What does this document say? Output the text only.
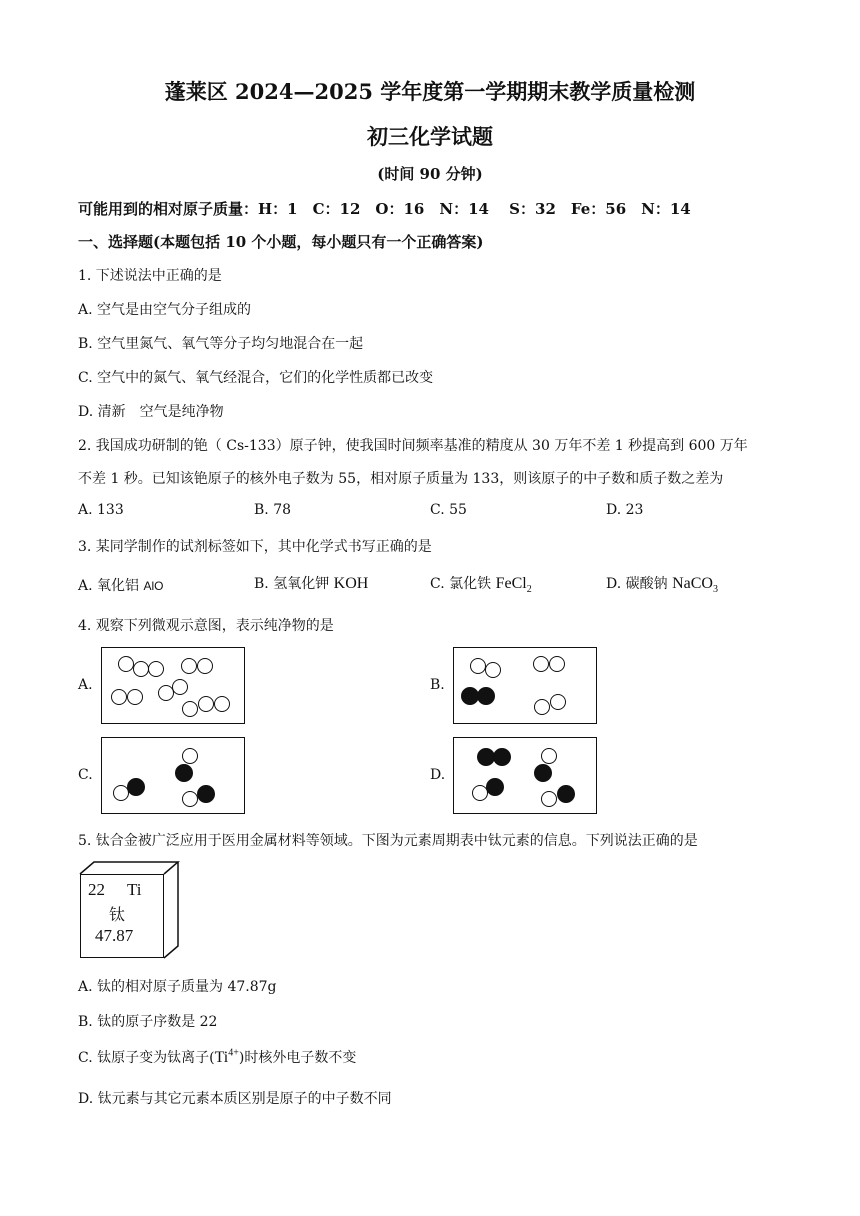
蓬莱区 2024—2025 学年度第一学期期末教学质量检测
初三化学试题
(时间 90 分钟)
可能用到的相对原子质量：H：1　C：12　O：16　N：14　 S：32　Fe：56　N：14
一、选择题(本题包括 10 个小题，每小题只有一个正确答案)
1. 下述说法中正确的是
A. 空气是由空气分子组成的
B. 空气里氮气、氧气等分子均匀地混合在一起
C. 空气中的氮气、氧气经混合，它们的化学性质都已改变
D. 清新　空气是纯净物
2. 我国成功研制的铯（ Cs-133）原子钟，使我国时间频率基准的精度从 30 万年不差 1 秒提高到 600 万年
不差 1 秒。已知该铯原子的核外电子数为 55，相对原子质量为 133，则该原子的中子数和质子数之差为
A. 133	B. 78	C. 55	D. 23
3. 某同学制作的试剂标签如下，其中化学式书写正确的是
A. 氧化铝 AlO	B. 氢氧化钾 KOH	C. 氯化铁 FeCl$_2$	D. 碳酸钠 NaCO$_3$
4. 观察下列微观示意图，表示纯净物的是
A.	B.
C.	D.
5. 钛合金被广泛应用于医用金属材料等领域。下图为元素周期表中钛元素的信息。下列说法正确的是
22 Ti
钛
47.87
A. 钛的相对原子质量为 47.87g
B. 钛的原子序数是 22
C. 钛原子变为钛离子$(Ti^{4+})$时核外电子数不变
D. 钛元素与其它元素本质区别是原子的中子数不同
